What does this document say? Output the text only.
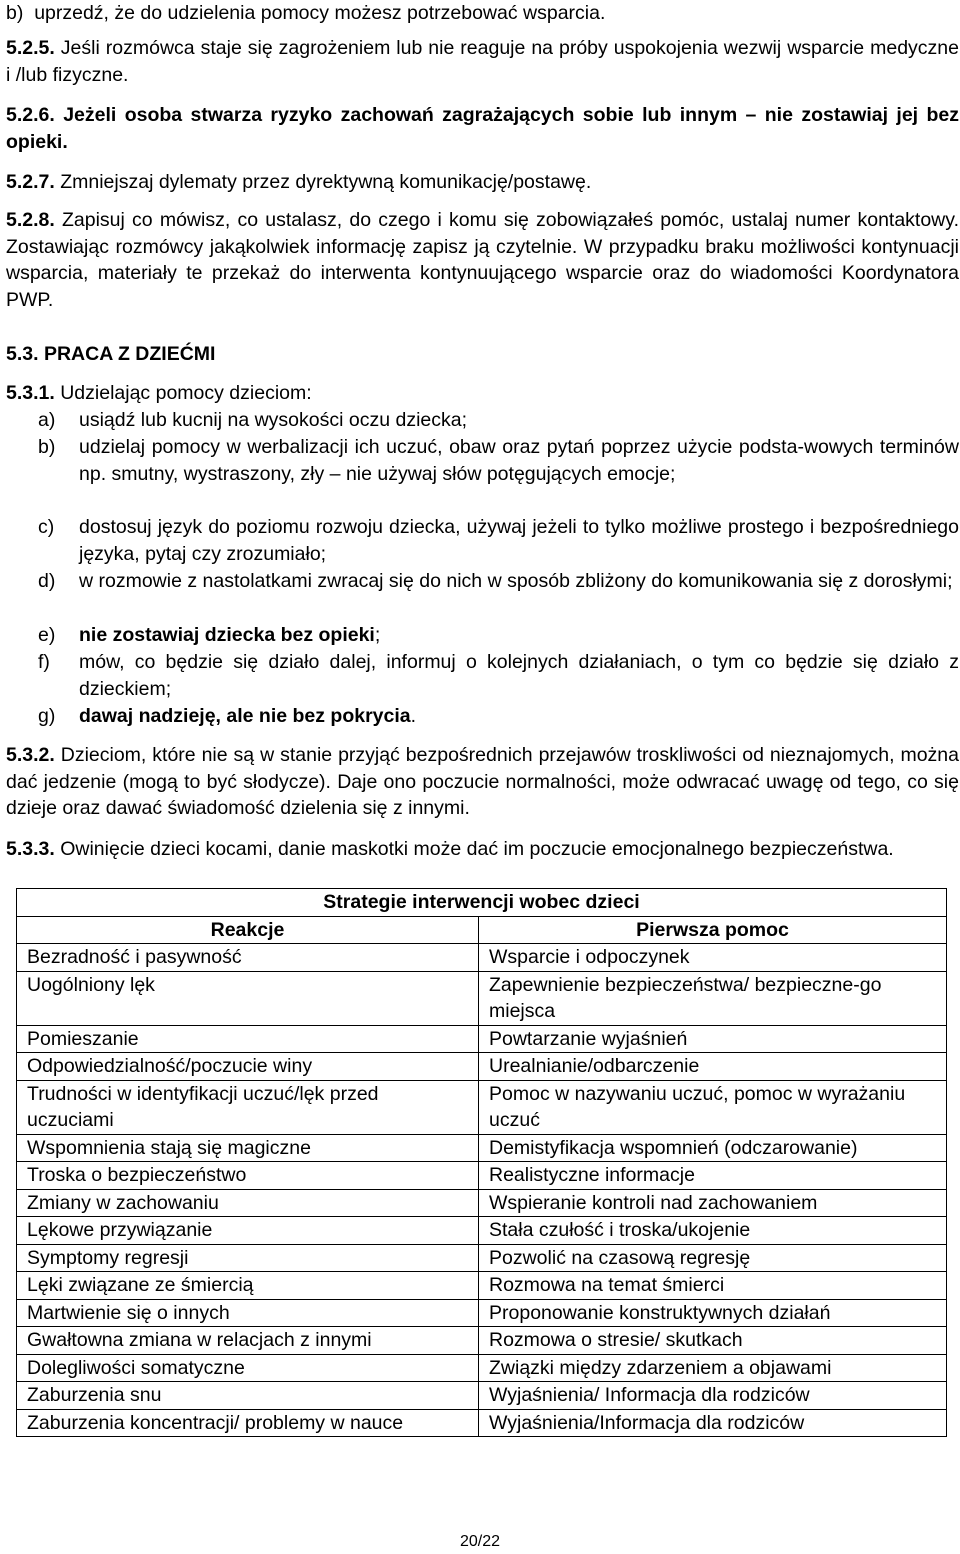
b) uprzedź, że do udzielenia pomocy możesz potrzebować wsparcia.
5.2.5. Jeśli rozmówca staje się zagrożeniem lub nie reaguje na próby uspokojenia wezwij wsparcie medyczne i /lub fizyczne.
5.2.6. Jeżeli osoba stwarza ryzyko zachowań zagrażających sobie lub innym – nie zostawiaj jej bez opieki.
5.2.7. Zmniejszaj dylematy przez dyrektywną komunikację/postawę.
5.2.8. Zapisuj co mówisz, co ustalasz, do czego i komu się zobowiązałeś pomóc, ustalaj numer kontaktowy. Zostawiając rozmówcy jakąkolwiek informację zapisz ją czytelnie. W przypadku braku możliwości kontynuacji wsparcia, materiały te przekaż do interwenta kontynuującego wsparcie oraz do wiadomości Koordynatora PWP.
5.3. PRACA Z DZIEĆMI
5.3.1. Udzielając pomocy dzieciom:
a) usiądź lub kucnij na wysokości oczu dziecka;
b) udzielaj pomocy w werbalizacji ich uczuć, obaw oraz pytań poprzez użycie podsta-wowych terminów np. smutny, wystraszony, zły – nie używaj słów potęgujących emocje;
c) dostosuj język do poziomu rozwoju dziecka, używaj jeżeli to tylko możliwe prostego i bezpośredniego języka, pytaj czy zrozumiało;
d) w rozmowie z nastolatkami zwracaj się do nich w sposób zbliżony do komunikowania się z dorosłymi;
e) nie zostawiaj dziecka bez opieki;
f) mów, co będzie się działo dalej, informuj o kolejnych działaniach, o tym co będzie się działo z dzieckiem;
g) dawaj nadzieję, ale nie bez pokrycia.
5.3.2. Dzieciom, które nie są w stanie przyjąć bezpośrednich przejawów troskliwości od nieznajomych, można dać jedzenie (mogą to być słodycze). Daje ono poczucie normalności, może odwracać uwagę od tego, co się dzieje oraz dawać świadomość dzielenia się z innymi.
5.3.3. Owinięcie dzieci kocami, danie maskotki może dać im poczucie emocjonalnego bezpieczeństwa.
Strategie interwencji wobec dzieci	
Reakcje	Pierwsza pomoc
Bezradność i pasywność	Wsparcie i odpoczynek
Uogólniony lęk	Zapewnienie bezpieczeństwa/ bezpieczne-go miejsca
Pomieszanie	Powtarzanie wyjaśnień
Odpowiedzialność/poczucie winy	Urealnianie/odbarczenie
Trudności w identyfikacji uczuć/lęk przed uczuciami	Pomoc w nazywaniu uczuć, pomoc w wyrażaniu uczuć
Wspomnienia stają się magiczne	Demistyfikacja wspomnień (odczarowanie)
Troska o bezpieczeństwo	Realistyczne informacje
Zmiany w zachowaniu	Wspieranie kontroli nad zachowaniem
Lękowe przywiązanie	Stała czułość i troska/ukojenie
Symptomy regresji	Pozwolić na czasową regresję
Lęki związane ze śmiercią	Rozmowa na temat śmierci
Martwienie się o innych	Proponowanie konstruktywnych działań
Gwałtowna zmiana w relacjach z innymi	Rozmowa o stresie/ skutkach
Dolegliwości somatyczne	Związki między zdarzeniem a objawami
Zaburzenia snu	Wyjaśnienia/ Informacja dla rodziców
Zaburzenia koncentracji/ problemy w nauce	Wyjaśnienia/Informacja dla rodziców
20/22
